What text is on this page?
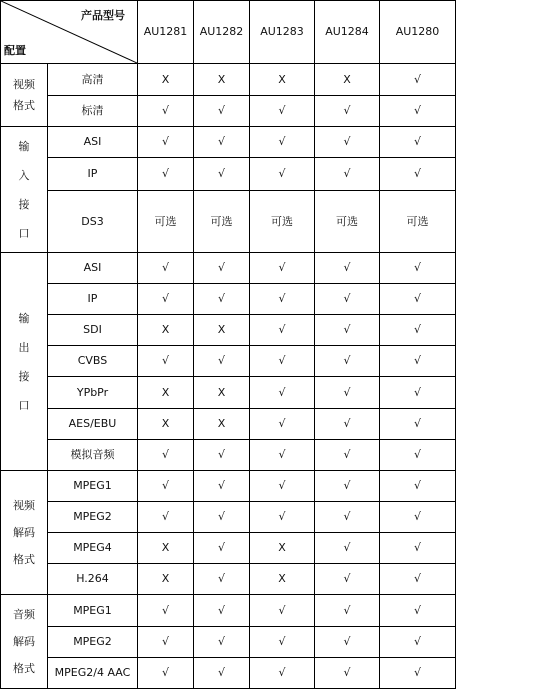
产品型号
配置		AU1281	AU1282	AU1283	AU1284	AU1280

视频
格式	高清	X	X	X	X	√
	标清	√	√	√	√	√

输
入
接
口	ASI	√	√	√	√	√
	IP	√	√	√	√	√
	DS3	可选	可选	可选	可选	可选

输
出
接
口	ASI	√	√	√	√	√
	IP	√	√	√	√	√
	SDI	X	X	√	√	√
	CVBS	√	√	√	√	√
	YPbPr	X	X	√	√	√
	AES/EBU	X	X	√	√	√
	模拟音频	√	√	√	√	√

视频
解码
格式	MPEG1	√	√	√	√	√
	MPEG2	√	√	√	√	√
	MPEG4	X	√	X	√	√
	H.264	X	√	X	√	√

音频
解码
格式	MPEG1	√	√	√	√	√
	MPEG2	√	√	√	√	√
	MPEG2/4 AAC	√	√	√	√	√
